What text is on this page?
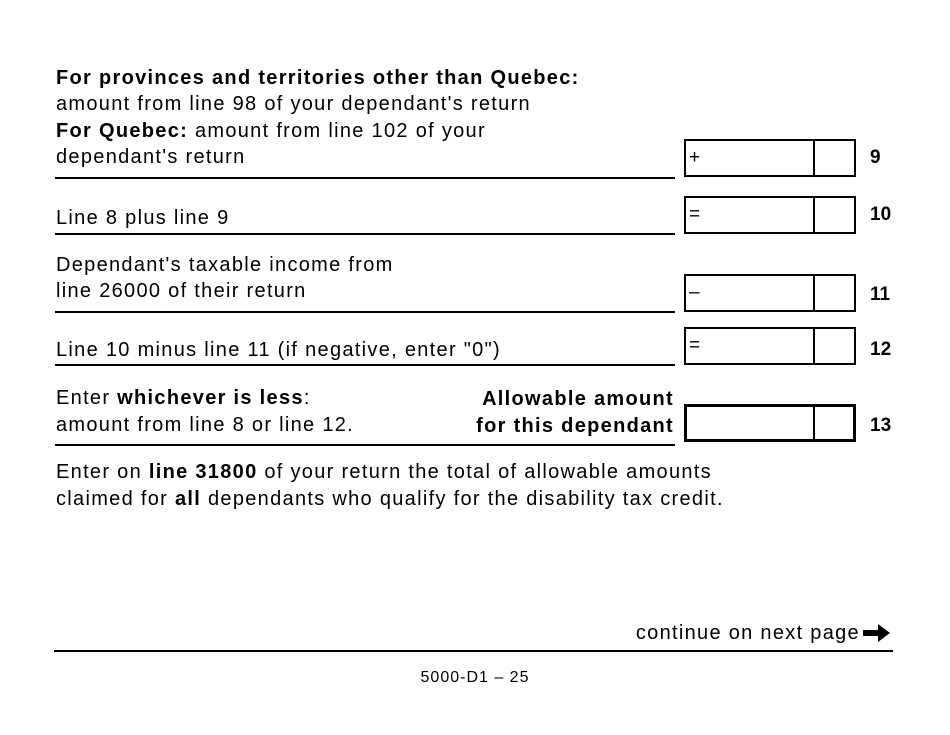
For provinces and territories other than Quebec:
amount from line 98 of your dependant's return
For Quebec: amount from line 102 of your
dependant's return	+	9
Line 8 plus line 9	=	10
Dependant's taxable income from
line 26000 of their return	–	11
Line 10 minus line 11 (if negative, enter "0")	=	12
Enter whichever is less:
amount from line 8 or line 12.
Allowable amount
for this dependant	13
Enter on line 31800 of your return the total of allowable amounts
claimed for all dependants who qualify for the disability tax credit.
continue on next page
5000-D1 – 25
